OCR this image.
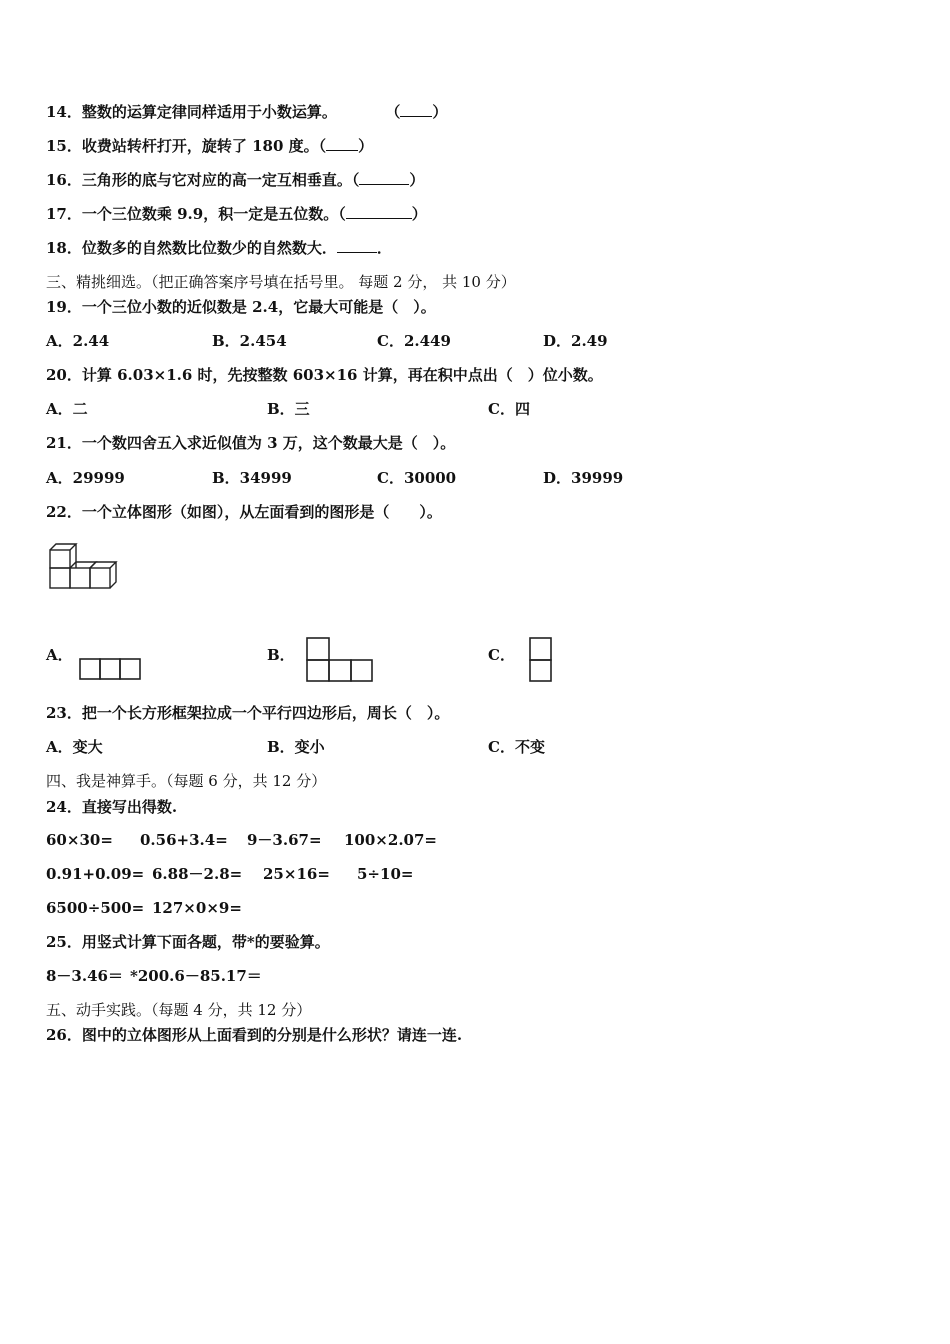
14．整数的运算定律同样适用于小数运算。	（ ）
15．收费站转杆打开，旋转了 180 度。（ ）
16．三角形的底与它对应的高一定互相垂直。（	）
17．一个三位数乘 9.9，积一定是五位数。（	）
18．位数多的自然数比位数少的自然数大．	．
三、精挑细选。（把正确答案序号填在括号里。 每题 2 分， 共 10 分）
19．一个三位小数的近似数是 2.4，它最大可能是（　）。
A．2.44	B．2.454	C．2.449	D．2.49
20．计算 6.03×1.6 时，先按整数 603×16 计算，再在积中点出（　）位小数。
A．二	B．三	C．四
21．一个数四舍五入求近似值为 3 万，这个数最大是（　）。
A．29999	B．34999	C．30000	D．39999
22．一个立体图形（如图），从左面看到的图形是（　　）。
A．	B．	C．
23．把一个长方形框架拉成一个平行四边形后，周长（　）。
A．变大	B．变小	C．不变
四、我是神算手。（每题 6 分，共 12 分）
24．直接写出得数.
60×30= 0.56+3.4= 9－3.67= 100×2.07=
0.91+0.09= 6.88－2.8= 25×16= 5÷10=
6500÷500= 127×0×9=
25．用竖式计算下面各题，带*的要验算。
8－3.46＝ *200.6－85.17＝
五、动手实践。（每题 4 分，共 12 分）
26．图中的立体图形从上面看到的分别是什么形状？请连一连.
